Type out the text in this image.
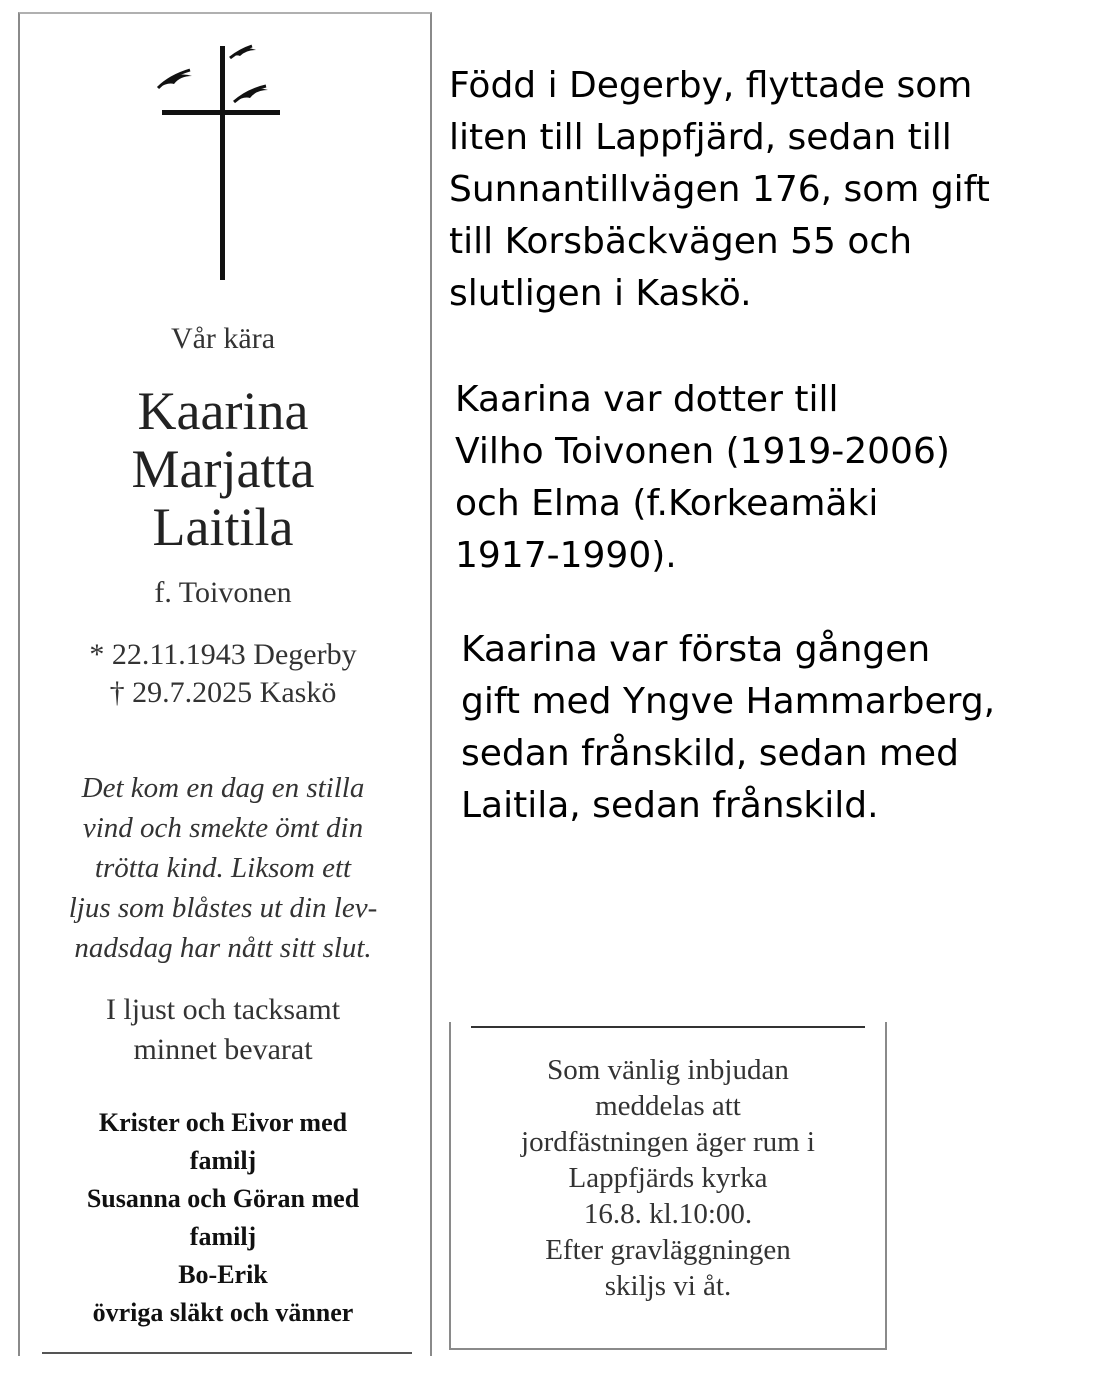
Vår kära
Kaarina
Marjatta
Laitila
f. Toivonen
* 22.11.1943 Degerby
† 29.7.2025 Kaskö
Det kom en dag en stilla
vind och smekte ömt din
trötta kind. Liksom ett
ljus som blåstes ut din lev-
nadsdag har nått sitt slut.
I ljust och tacksamt
minnet bevarat
Krister och Eivor med
familj
Susanna och Göran med
familj
Bo-Erik
övriga släkt och vänner
Född i Degerby, flyttade som
liten till Lappfjärd, sedan till
Sunnantillvägen 176, som gift
till Korsbäckvägen 55 och
slutligen i Kaskö.
Kaarina var dotter till
Vilho Toivonen (1919-2006)
och Elma (f.Korkeamäki
1917-1990).
Kaarina var första gången
gift med Yngve Hammarberg,
sedan frånskild, sedan med
Laitila, sedan frånskild.
Som vänlig inbjudan
meddelas att
jordfästningen äger rum i
Lappfjärds kyrka
16.8. kl.10:00.
Efter gravläggningen
skiljs vi åt.
